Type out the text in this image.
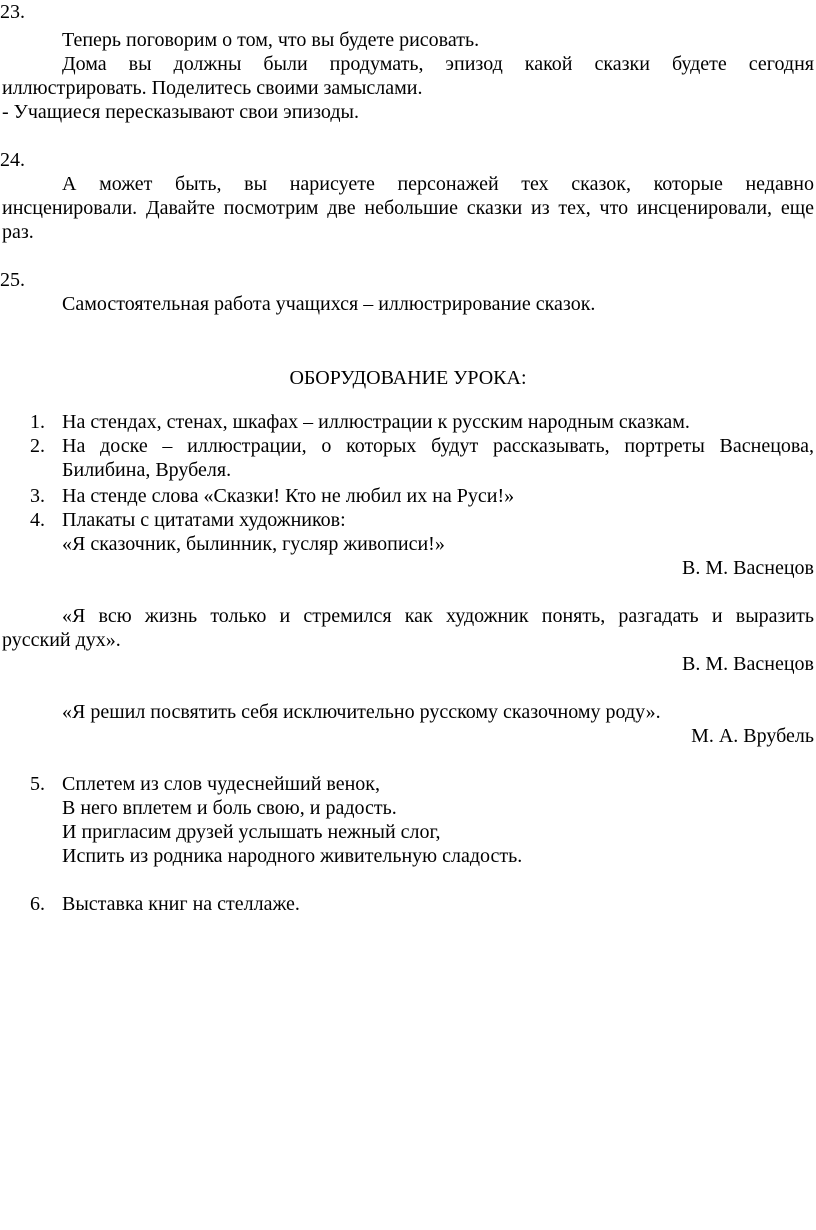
23.
Теперь поговорим о том, что вы будете рисовать.
Дома вы должны были продумать, эпизод какой сказки будете сегодня
иллюстрировать. Поделитесь своими замыслами.
- Учащиеся пересказывают свои эпизоды.
24.
А может быть, вы нарисуете персонажей тех сказок, которые недавно
инсценировали. Давайте посмотрим две небольшие сказки из тех, что инсценировали, еще
раз.
25.
Самостоятельная работа учащихся – иллюстрирование сказок.
ОБОРУДОВАНИЕ УРОКА:
1. На стендах, стенах, шкафах – иллюстрации к русским народным сказкам.
2. На доске – иллюстрации, о которых будут рассказывать, портреты Васнецова,
Билибина, Врубеля.
3. На стенде слова «Сказки! Кто не любил их на Руси!»
4. Плакаты с цитатами художников:
«Я сказочник, былинник, гусляр живописи!»
В. М. Васнецов
«Я всю жизнь только и стремился как художник понять, разгадать и выразить
русский дух».
В. М. Васнецов
«Я решил посвятить себя исключительно русскому сказочному роду».
М. А. Врубель
5. Сплетем из слов чудеснейший венок,
В него вплетем и боль свою, и радость.
И пригласим друзей услышать нежный слог,
Испить из родника народного живительную сладость.
6. Выставка книг на стеллаже.
